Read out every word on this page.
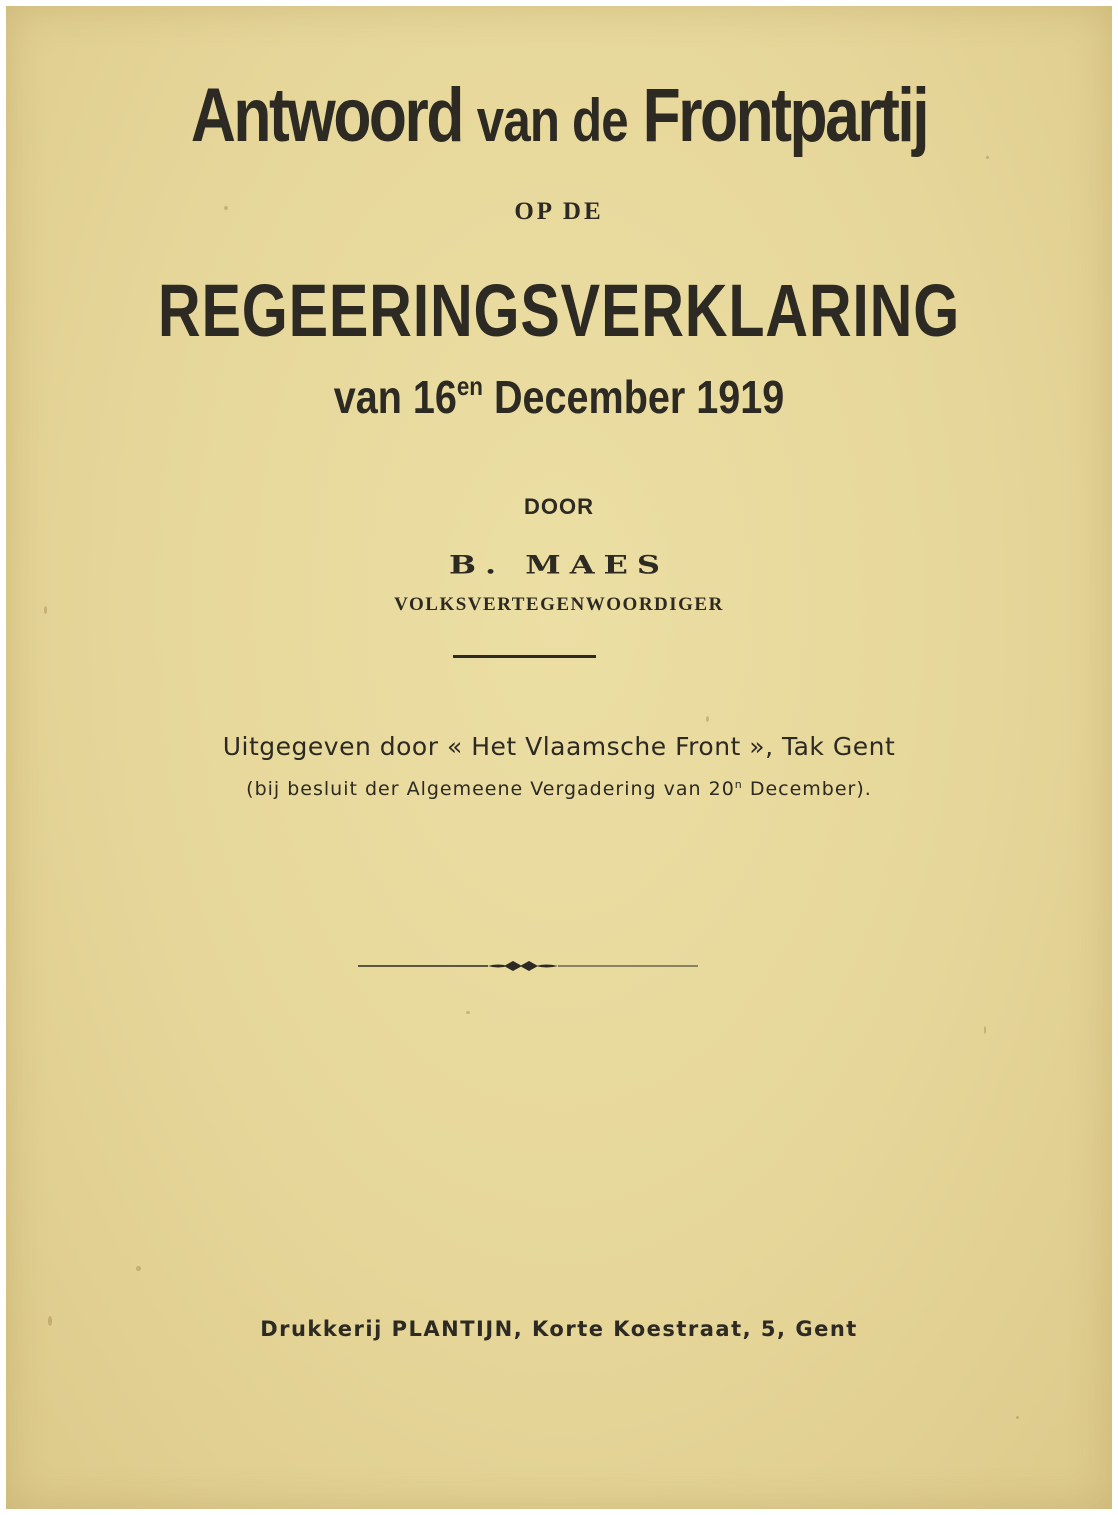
Antwoord van de Frontpartij
OP DE
REGEERINGSVERKLARING
van $16^{en}$ December 1919
DOOR
B. MAES
VOLKSVERTEGENWOORDIGER
Uitgegeven door « Het Vlaamsche Front », Tak Gent
(bij besluit der Algemeene Vergadering van 20$^n$ December).
Drukkerij PLANTIJN, Korte Koestraat, 5, Gent
